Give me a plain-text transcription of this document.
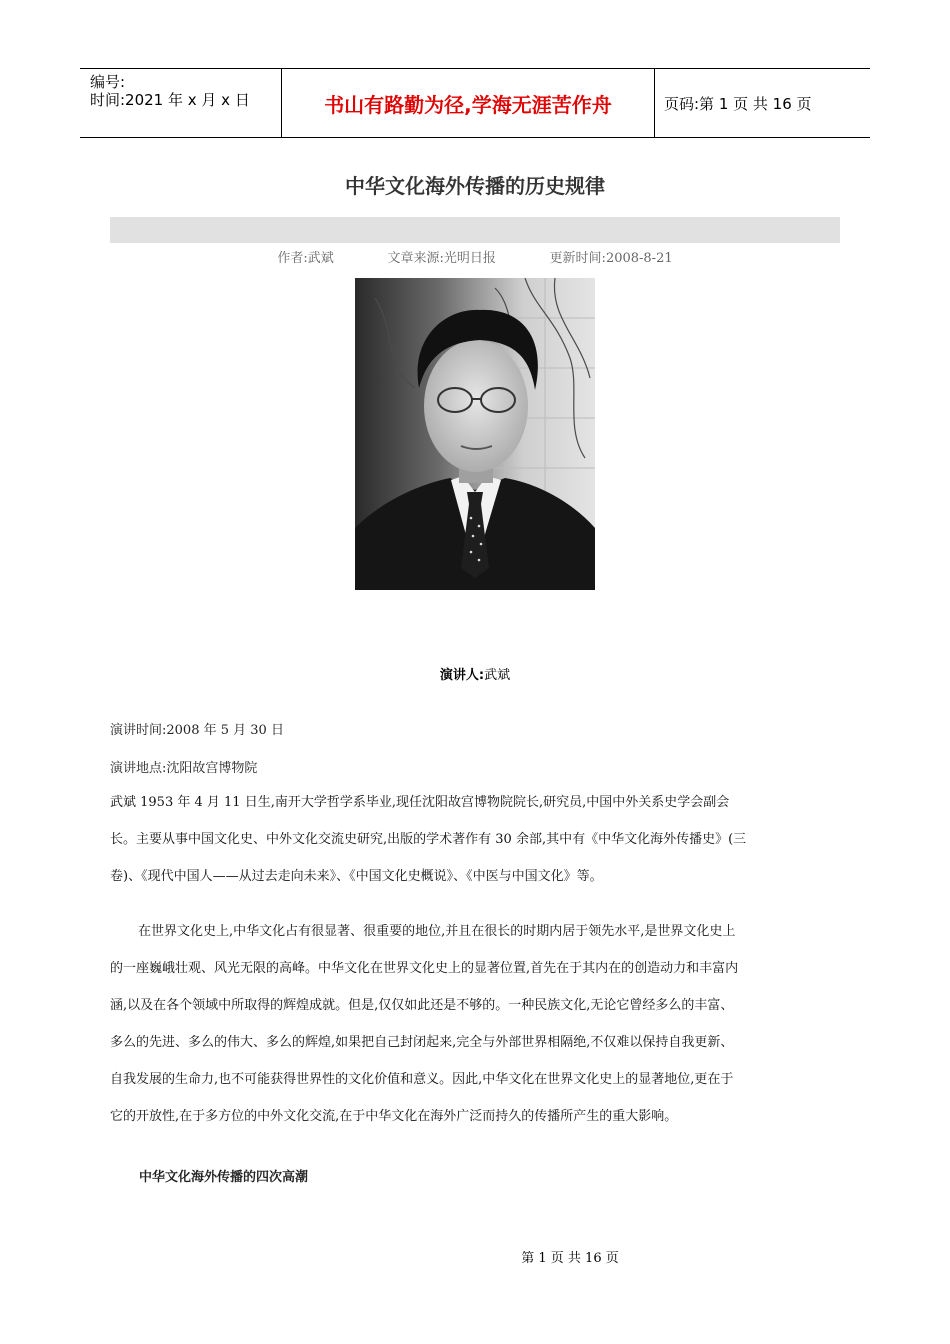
编号:
时间:2021 年 x 月 x 日	书山有路勤为径,学海无涯苦作舟	页码:第 1 页 共 16 页
中华文化海外传播的历史规律
作者:武斌             文章来源:光明日报             更新时间:2008-8-21
演讲人:武斌
演讲时间:2008 年 5 月 30 日
演讲地点:沈阳故宫博物院
武斌 1953 年 4 月 11 日生,南开大学哲学系毕业,现任沈阳故宫博物院院长,研究员,中国中外关系史学会副会
长。主要从事中国文化史、中外文化交流史研究,出版的学术著作有 30 余部,其中有《中华文化海外传播史》(三
卷)、《现代中国人——从过去走向未来》、《中国文化史概说》、《中医与中国文化》等。
在世界文化史上,中华文化占有很显著、很重要的地位,并且在很长的时期内居于领先水平,是世界文化史上
的一座巍峨壮观、风光无限的高峰。中华文化在世界文化史上的显著位置,首先在于其内在的创造动力和丰富内
涵,以及在各个领域中所取得的辉煌成就。但是,仅仅如此还是不够的。一种民族文化,无论它曾经多么的丰富、
多么的先进、多么的伟大、多么的辉煌,如果把自己封闭起来,完全与外部世界相隔绝,不仅难以保持自我更新、
自我发展的生命力,也不可能获得世界性的文化价值和意义。因此,中华文化在世界文化史上的显著地位,更在于
它的开放性,在于多方位的中外文化交流,在于中华文化在海外广泛而持久的传播所产生的重大影响。
中华文化海外传播的四次高潮
第 1 页 共 16 页
